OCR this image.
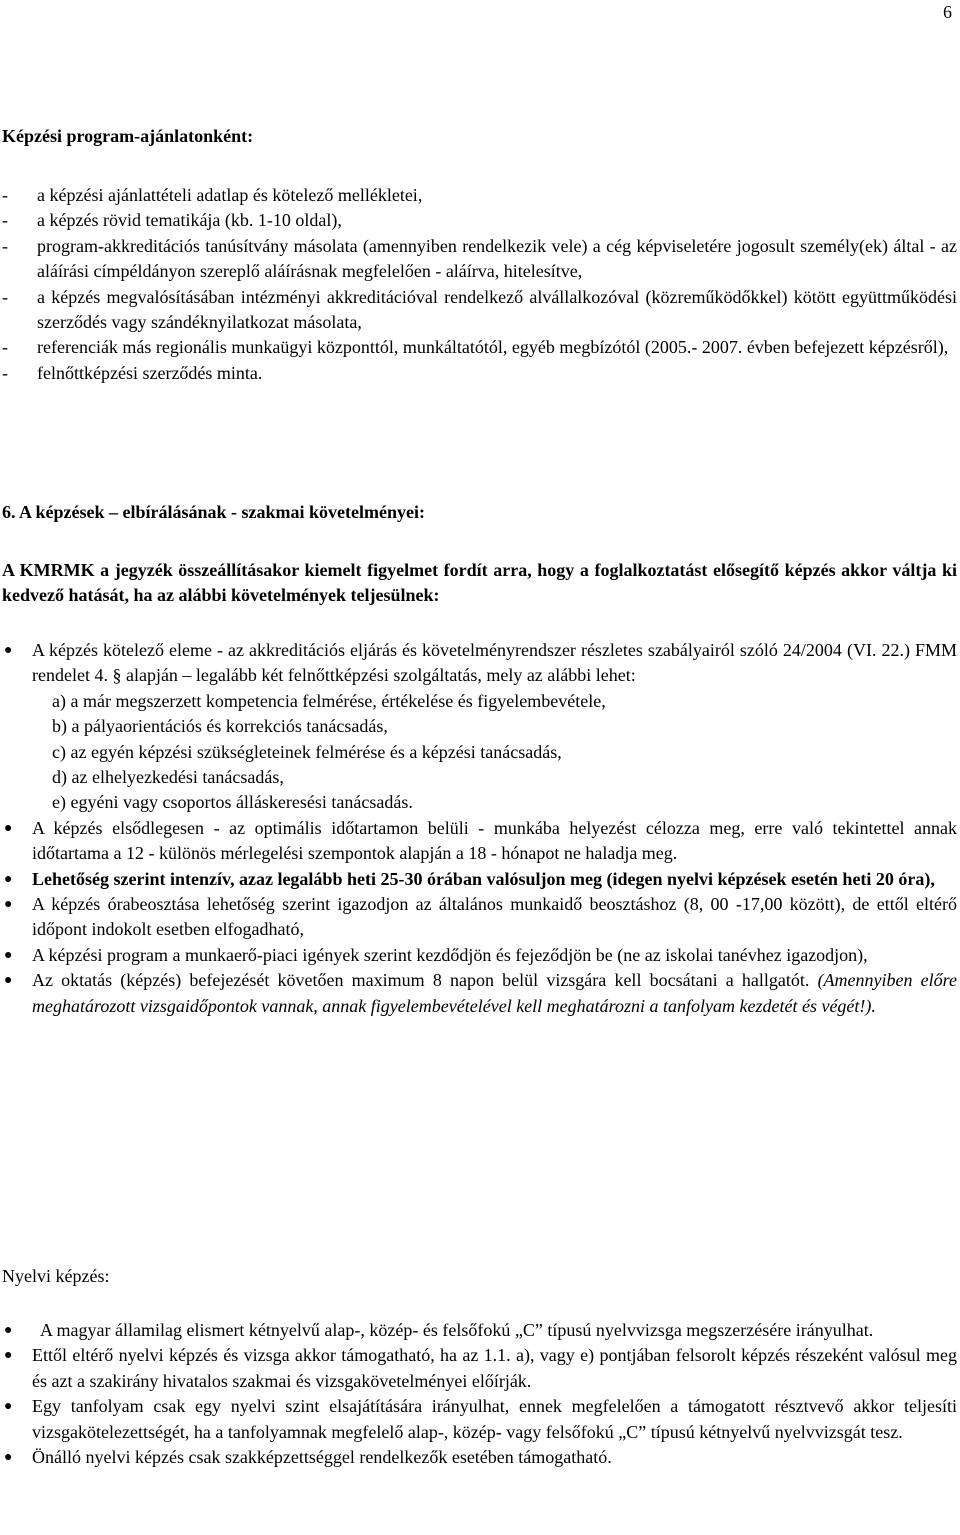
6
Képzési program-ajánlatonként:
-	a képzési ajánlattételi adatlap és kötelező mellékletei,
-	a képzés rövid tematikája (kb. 1-10 oldal),
-	program-akkreditációs tanúsítvány másolata (amennyiben rendelkezik vele) a cég képviseletére jogosult személy(ek) által - az aláírási címpéldányon szereplő aláírásnak megfelelően - aláírva, hitelesítve,
-	a képzés megvalósításában intézményi akkreditációval rendelkező alvállalkozóval (közreműködőkkel) kötött együttműködési szerződés vagy szándéknyilatkozat másolata,
-	referenciák más regionális munkaügyi központtól, munkáltatótól, egyéb megbízótól (2005.- 2007. évben befejezett képzésről),
-	felnőttképzési szerződés minta.
6. A képzések – elbírálásának - szakmai követelményei:
A KMRMK a jegyzék összeállításakor kiemelt figyelmet fordít arra, hogy a foglalkoztatást elősegítő képzés akkor váltja ki kedvező hatását, ha az alábbi követelmények teljesülnek:
●	A képzés kötelező eleme - az akkreditációs eljárás és követelményrendszer részletes szabályairól szóló 24/2004 (VI. 22.) FMM rendelet 4. § alapján – legalább két felnőttképzési szolgáltatás, mely az alábbi lehet:
a) a már megszerzett kompetencia felmérése, értékelése és figyelembevétele,
b) a pályaorientációs és korrekciós tanácsadás,
c) az egyén képzési szükségleteinek felmérése és a képzési tanácsadás,
d) az elhelyezkedési tanácsadás,
e) egyéni vagy csoportos álláskeresési tanácsadás.
●	A képzés elsődlegesen - az optimális időtartamon belüli - munkába helyezést célozza meg, erre való tekintettel annak időtartama a 12 - különös mérlegelési szempontok alapján a 18 - hónapot ne haladja meg.
●	Lehetőség szerint intenzív, azaz legalább heti 25-30 órában valósuljon meg (idegen nyelvi képzések esetén heti 20 óra),
●	A képzés órabeosztása lehetőség szerint igazodjon az általános munkaidő beosztáshoz (8, 00 -17,00 között), de ettől eltérő időpont indokolt esetben elfogadható,
●	A képzési program a munkaerő-piaci igények szerint kezdődjön és fejeződjön be (ne az iskolai tanévhez igazodjon),
●	Az oktatás (képzés) befejezését követően maximum 8 napon belül vizsgára kell bocsátani a hallgatót. (Amennyiben előre meghatározott vizsgaidőpontok vannak, annak figyelembevételével kell meghatározni a tanfolyam kezdetét és végét!).
Nyelvi képzés:
●	A magyar államilag elismert kétnyelvű alap-, közép- és felsőfokú „C” típusú nyelvvizsga megszerzésére irányulhat.
●	Ettől eltérő nyelvi képzés és vizsga akkor támogatható, ha az 1.1. a), vagy e) pontjában felsorolt képzés részeként valósul meg és azt a szakirány hivatalos szakmai és vizsgakövetelményei előírják.
●	Egy tanfolyam csak egy nyelvi szint elsajátítására irányulhat, ennek megfelelően a támogatott résztvevő akkor teljesíti vizsgakötelezettségét, ha a tanfolyamnak megfelelő alap-, közép- vagy felsőfokú „C” típusú kétnyelvű nyelvvizsgát tesz.
●	Önálló nyelvi képzés csak szakképzettséggel rendelkezők esetében támogatható.
